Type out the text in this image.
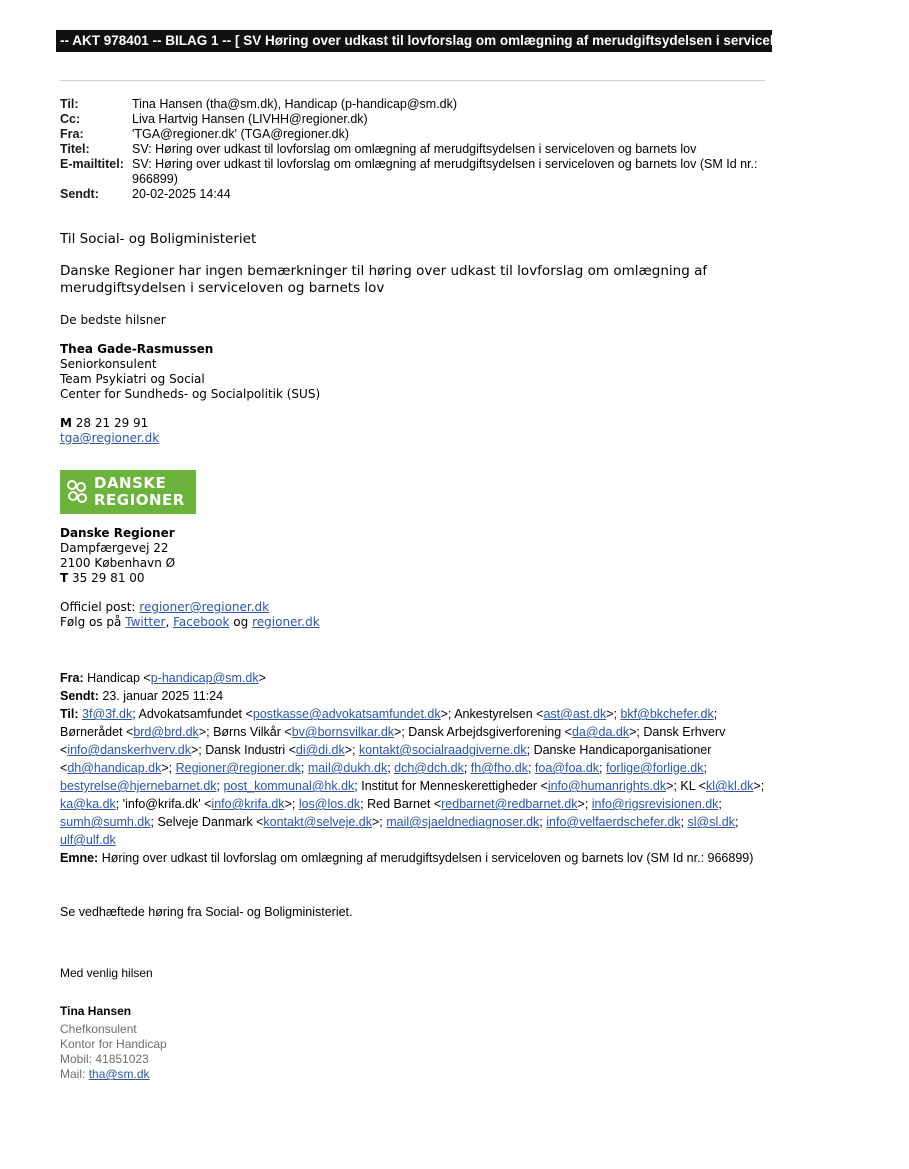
-- AKT 978401 -- BILAG 1 -- [ SV Høring over udkast til lovforslag om omlægning af merudgiftsydelsen i serviceloven og barnets lov ]
Til:	Tina Hansen (tha@sm.dk), Handicap (p-handicap@sm.dk)
Cc:	Liva Hartvig Hansen (LIVHH@regioner.dk)
Fra:	'TGA@regioner.dk' (TGA@regioner.dk)
Titel:	SV: Høring over udkast til lovforslag om omlægning af merudgiftsydelsen i serviceloven og barnets lov
E-mailtitel: SV: Høring over udkast til lovforslag om omlægning af merudgiftsydelsen i serviceloven og barnets lov (SM Id nr.: 966899)
Sendt:	20-02-2025 14:44
Til Social- og Boligministeriet
Danske Regioner har ingen bemærkninger til høring over udkast til lovforslag om omlægning af merudgiftsydelsen i serviceloven og barnets lov
De bedste hilsner
Thea Gade-Rasmussen
Seniorkonsulent
Team Psykiatri og Social
Center for Sundheds- og Socialpolitik (SUS)
M 28 21 29 91
tga@regioner.dk
DANSKE
REGIONER
Danske Regioner
Dampfærgevej 22
2100 København Ø
T 35 29 81 00
Officiel post: regioner@regioner.dk
Følg os på Twitter, Facebook og regioner.dk
Fra: Handicap <p-handicap@sm.dk>
Sendt: 23. januar 2025 11:24
Til: 3f@3f.dk; Advokatsamfundet <postkasse@advokatsamfundet.dk>; Ankestyrelsen <ast@ast.dk>; bkf@bkchefer.dk; Børnerådet <brd@brd.dk>; Børns Vilkår <bv@bornsvilkar.dk>; Dansk Arbejdsgiverforening <da@da.dk>; Dansk Erhverv <info@danskerhverv.dk>; Dansk Industri <di@di.dk>; kontakt@socialraadgiverne.dk; Danske Handicaporganisationer <dh@handicap.dk>; Regioner@regioner.dk; mail@dukh.dk; dch@dch.dk; fh@fho.dk; foa@foa.dk; forlige@forlige.dk; bestyrelse@hjernebarnet.dk; post_kommunal@hk.dk; Institut for Menneskerettigheder <info@humanrights.dk>; KL <kl@kl.dk>; ka@ka.dk; 'info@krifa.dk' <info@krifa.dk>; los@los.dk; Red Barnet <redbarnet@redbarnet.dk>; info@rigsrevisionen.dk; sumh@sumh.dk; Selveje Danmark <kontakt@selveje.dk>; mail@sjaeldnediagnoser.dk; info@velfaerdschefer.dk; sl@sl.dk; ulf@ulf.dk
Emne: Høring over udkast til lovforslag om omlægning af merudgiftsydelsen i serviceloven og barnets lov (SM Id nr.: 966899)
Se vedhæftede høring fra Social- og Boligministeriet.
Med venlig hilsen
Tina Hansen
Chefkonsulent
Kontor for Handicap
Mobil: 41851023
Mail: tha@sm.dk
